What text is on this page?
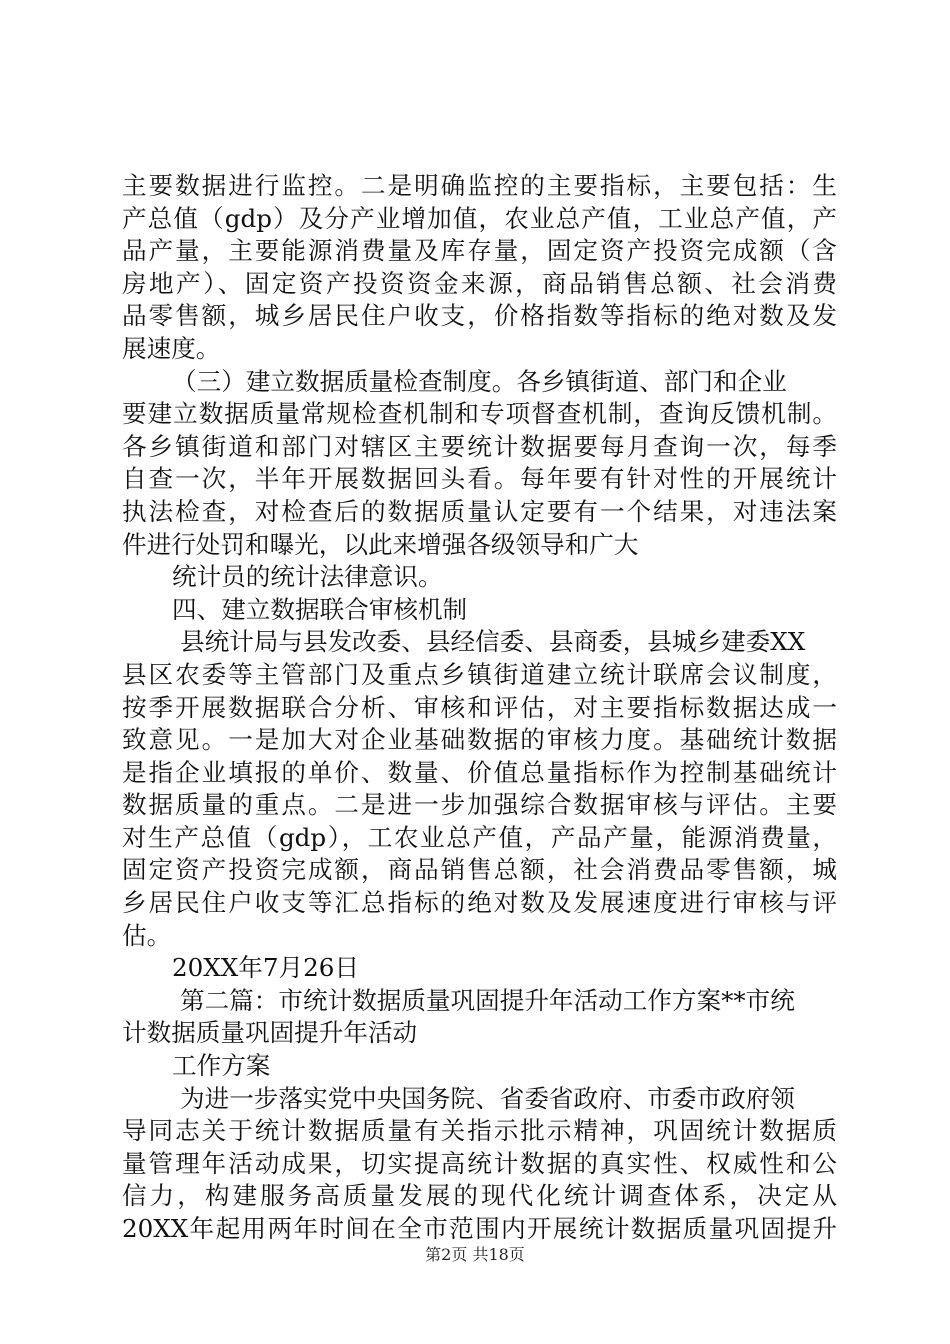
主要数据进行监控。二是明确监控的主要指标，主要包括：生
产总值（gdp）及分产业增加值，农业总产值，工业总产值，产
品产量，主要能源消费量及库存量，固定资产投资完成额（含
房地产）、固定资产投资资金来源，商品销售总额、社会消费
品零售额，城乡居民住户收支，价格指数等指标的绝对数及发
展速度。
（三）建立数据质量检查制度。各乡镇街道、部门和企业
要建立数据质量常规检查机制和专项督查机制，查询反馈机制。
各乡镇街道和部门对辖区主要统计数据要每月查询一次，每季
自查一次，半年开展数据回头看。每年要有针对性的开展统计
执法检查，对检查后的数据质量认定要有一个结果，对违法案
件进行处罚和曝光，以此来增强各级领导和广大
统计员的统计法律意识。
四、建立数据联合审核机制
县统计局与县发改委、县经信委、县商委，县城乡建委XX
县区农委等主管部门及重点乡镇街道建立统计联席会议制度，
按季开展数据联合分析、审核和评估，对主要指标数据达成一
致意见。一是加大对企业基础数据的审核力度。基础统计数据
是指企业填报的单价、数量、价值总量指标作为控制基础统计
数据质量的重点。二是进一步加强综合数据审核与评估。主要
对生产总值（gdp），工农业总产值，产品产量，能源消费量，
固定资产投资完成额，商品销售总额，社会消费品零售额，城
乡居民住户收支等汇总指标的绝对数及发展速度进行审核与评
估。
20XX年7月26日
第二篇：市统计数据质量巩固提升年活动工作方案**市统
计数据质量巩固提升年活动
工作方案
为进一步落实党中央国务院、省委省政府、市委市政府领
导同志关于统计数据质量有关指示批示精神，巩固统计数据质
量管理年活动成果，切实提高统计数据的真实性、权威性和公
信力，构建服务高质量发展的现代化统计调查体系，决定从
20XX年起用两年时间在全市范围内开展统计数据质量巩固提升
第2页 共18页
